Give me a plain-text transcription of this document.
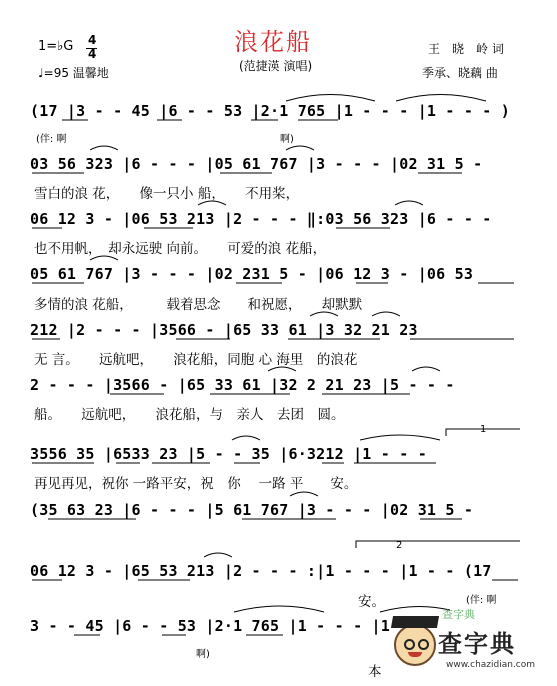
浪花船
(范捷渶 演唱)
1=♭G 4
4
♩=95 温馨地
王　晓　岭 词
季承、晓藕 曲
(17 |3 - - 45 |6 - - 53 |2·1 765 |1 - - - |1 - - - )
(伴: 啊	啊)
03 56 323 |6 - - - |05 61 767 |3 - - - |02 31 5 -
雪白的浪 花，　　像一只小 船，　　不用桨，
06 12 3 - |06 53 213 |2 - - - ‖:03 56 323 |6 - - -
也不用帆，　却永远驶 向前。　　可爱的浪 花船，
05 61 767 |3 - - - |02 231 5 - |06 12 3 - |06 53
多情的浪 花船，　　　载着思念　　和祝愿，　　却默默
212 |2 - - - |3566 - |65 33 61 |3 32 21 23
无 言。　　远航吧，　　浪花船，同胞 心 海里　的浪花
2 - - - |3566 - |65 33 61 |32 2 21 23 |5 - - -
船。　　远航吧，　　浪花船，与　亲人　去团　圆。
1
3556 35 |6533 23 |5 - - 35 |6·3212 |1 - - -
再见再见，祝你 一路平安，祝　你　 一路 平　　安。
(35 63 23 |6 - - - |5 61 767 |3 - - - |02 31 5 -
2
06 12 3 - |65 53 213 |2 - - - :|1 - - - |1 - - (17
安。	(伴: 啊
3 - - 45 |6 - - 53 |2·1 765 |1 - - - |1
啊)
本
查字典
www.chazidian.com
查字典
